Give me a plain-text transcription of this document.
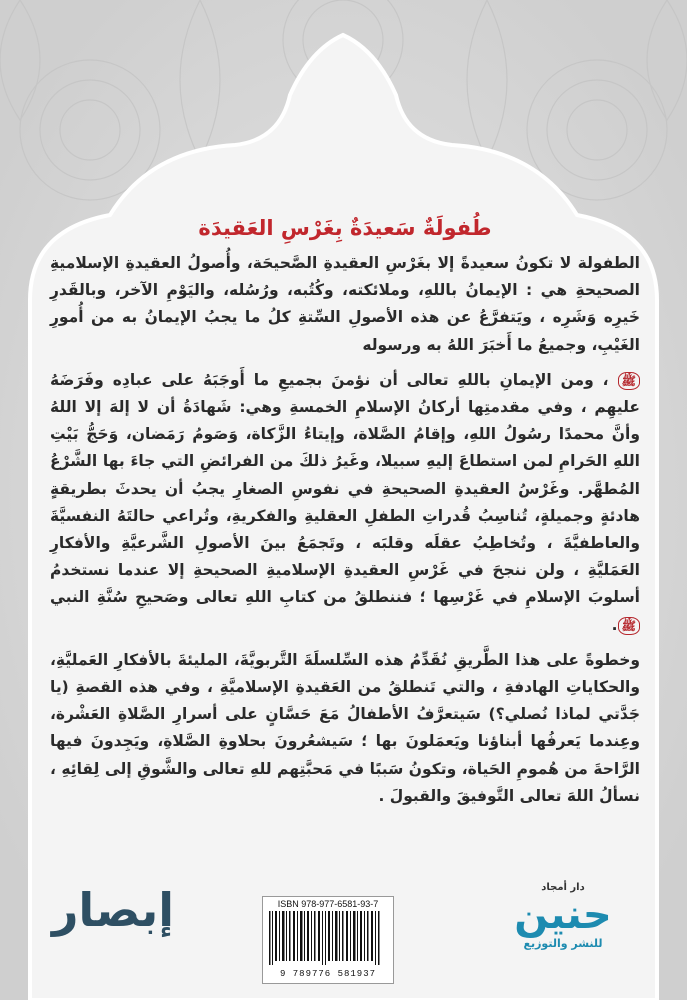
طُفولَةٌ سَعيدَةٌ بِغَرْسِ العَقيدَة

الطفولة لا تكونُ سعيدةً إلا بغَرْسِ العقيدةِ الصَّحيحَة، وأُصولُ العقيدةِ الإسلاميةِ الصحيحةِ هي : الإيمانُ باللهِ، وملائكته، وكُتُبه، ورُسُله، واليَوْمِ الآخر، وبالقَدرِ خَيرِه وَشَرِه ، ويَتفرَّعُ عن هذه الأصولِ السِّتةِ كلُ ما يجبُ الإيمانُ به من أُمورِ الغَيْبِ، وجميعُ ما أَخبَرَ اللهُ به ورسوله

ﷺ ، ومن الإيمانِ باللهِ تعالى أن نؤمنَ بجميعِ ما أَوجَبَهُ على عبادِه وفَرَضَهُ عليهِم ، وفي مقدمتِها أركانُ الإسلامِ الخمسةِ وهي: شَهادَةُ أن لا إلهَ إلا اللهُ وأنَّ محمدًا رسُولُ اللهِ، وإقامُ الصَّلاة، وإيتاءُ الزَّكاة، وَصَومُ رَمَضان، وَحَجُّ بَيْتِ اللهِ الحَرامِ لمن استطاعَ إليهِ سبيلا، وغَيرُ ذلكَ من الفرائضِ التي جاءَ بها الشَّرْعُ المُطهَّر. وغَرْسُ العقيدةِ الصحيحةِ في نفوسِ الصغارِ يجبُ أن يحدثَ بطريقةٍ هادئةٍ وجميلةٍ، تُناسِبُ قُدراتِ الطفلِ العقليةِ والفكريةِ، وتُراعي حالتَهُ النفسيَّةَ والعاطفيَّةَ ، وتُخاطِبُ عقلَه وقلبَه ، وتَجمَعُ بينَ الأصولِ الشَّرعيَّةِ والأفكارِ العَمَليَّةِ ، ولن ننجحَ في غَرْسِ العقيدةِ الإسلاميةِ الصحيحةِ إلا عندما نستخدمُ أسلوبَ الإسلامِ في غَرْسِها ؛ فننطلقُ من كتابِ اللهِ تعالى وصَحيحِ سُنَّةِ النبي ﷺ.

وخطوةً على هذا الطَّريقِ نُقَدِّمُ هذه السِّلسلَةَ التَّربويَّةَ، المليئةَ بالأفكارِ العَمليَّةِ، والحكاياتِ الهادفةِ ، والتي تَنطلقُ من العَقيدةِ الإسلاميَّةِ ، وفي هذه القصةِ (يا جَدَّتي لماذا نُصلي؟) سَيتعرَّفُ الأطفالُ مَعَ حَسَّانٍ على أسرارِ الصَّلاةِ العَشْرة، وعِندما يَعرفُها أبناؤنا ويَعمَلونَ بها ؛ سَيشعُرونَ بحلاوةِ الصَّلاةِ، ويَجِدونَ فيها الرَّاحةَ من هُمومِ الحَياة، وتكونُ سَببًا في مَحبَّتِهم للهِ تعالى والشَّوقِ إلى لِقائِهِ ، نسألُ اللهَ تعالى التَّوفيقَ والقبولَ .

إبصار	ISBN 978-977-6581-93-7
9 789776 581937
دار أمجاد
حنين
للنشر والتوزيع
